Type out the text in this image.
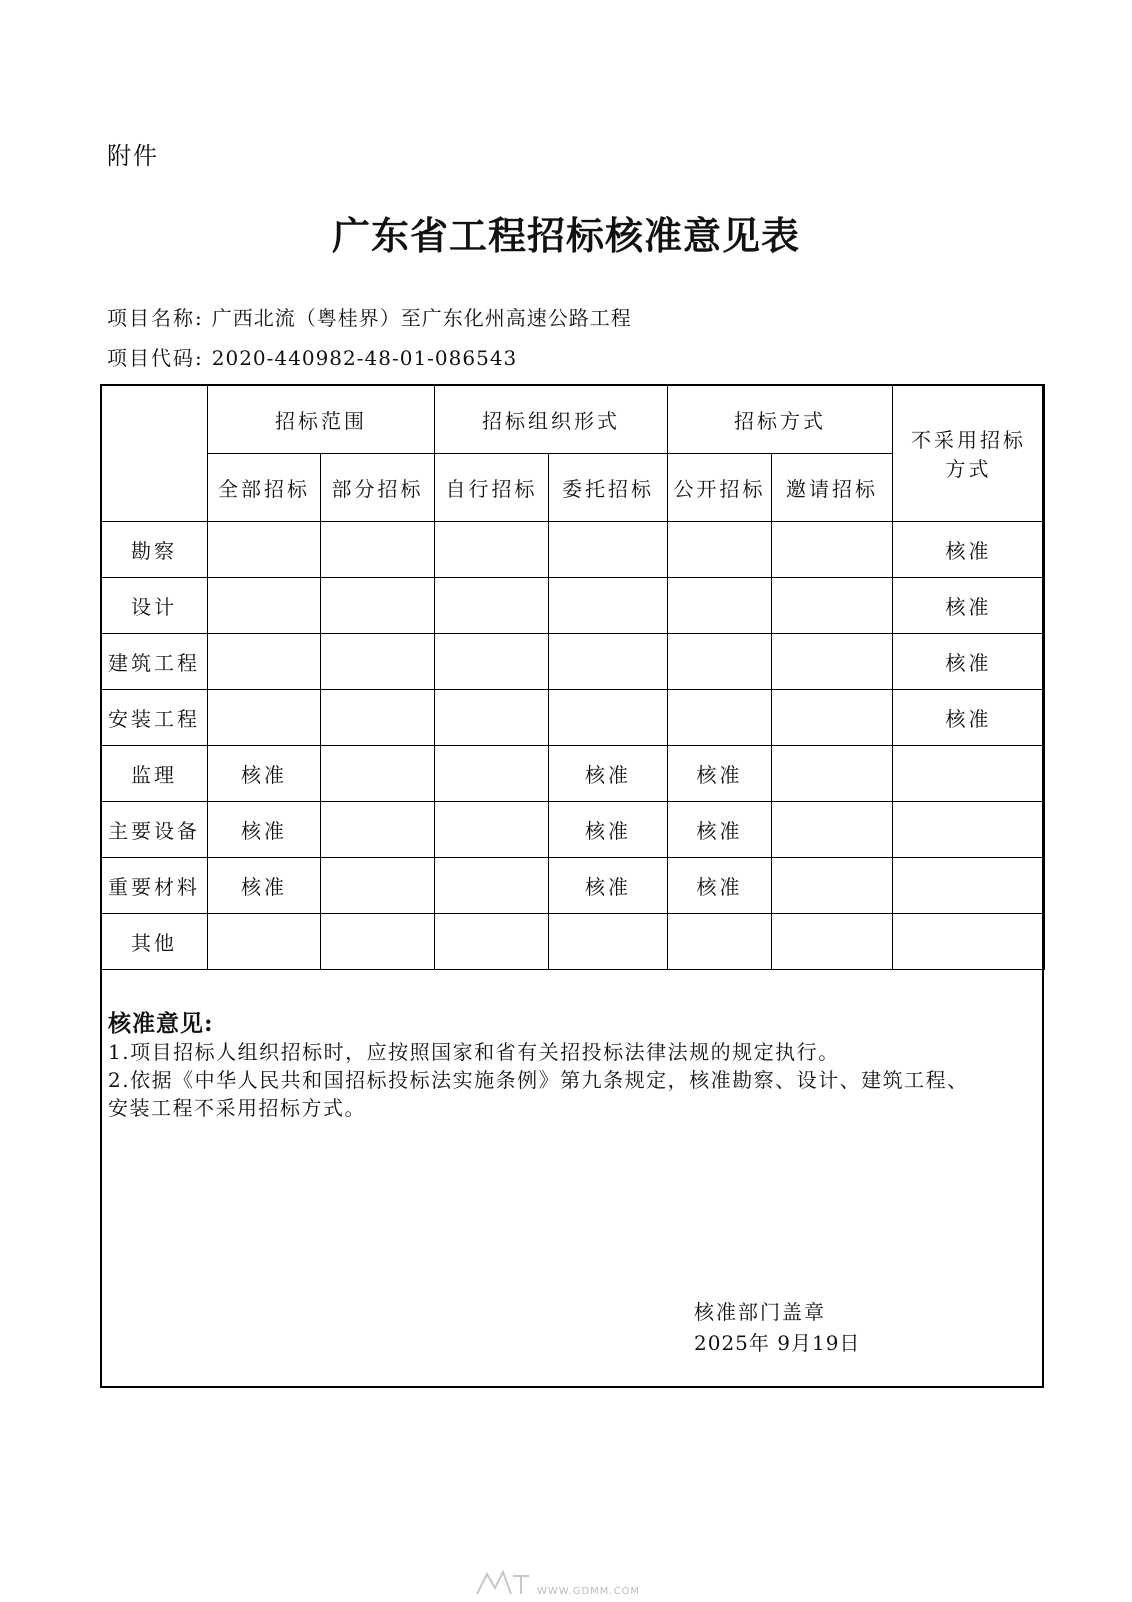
附件
广东省工程招标核准意见表
项目名称: 广西北流（粤桂界）至广东化州高速公路工程
项目代码: 2020-440982-48-01-086543
	招标范围		招标组织形式		招标方式		不采用招标方式
	全部招标	部分招标	自行招标	委托招标	公开招标	邀请招标	
勘察							核准
设计							核准
建筑工程							核准
安装工程							核准
监理	核准			核准	核准		
主要设备	核准			核准	核准		
重要材料	核准			核准	核准		
其他							
核准意见:
1.项目招标人组织招标时，应按照国家和省有关招投标法律法规的规定执行。
2.依据《中华人民共和国招标投标法实施条例》第九条规定，核准勘察、设计、建筑工程、
安装工程不采用招标方式。
核准部门盖章
2025年 9月19日
WWW.GDMM.COM
